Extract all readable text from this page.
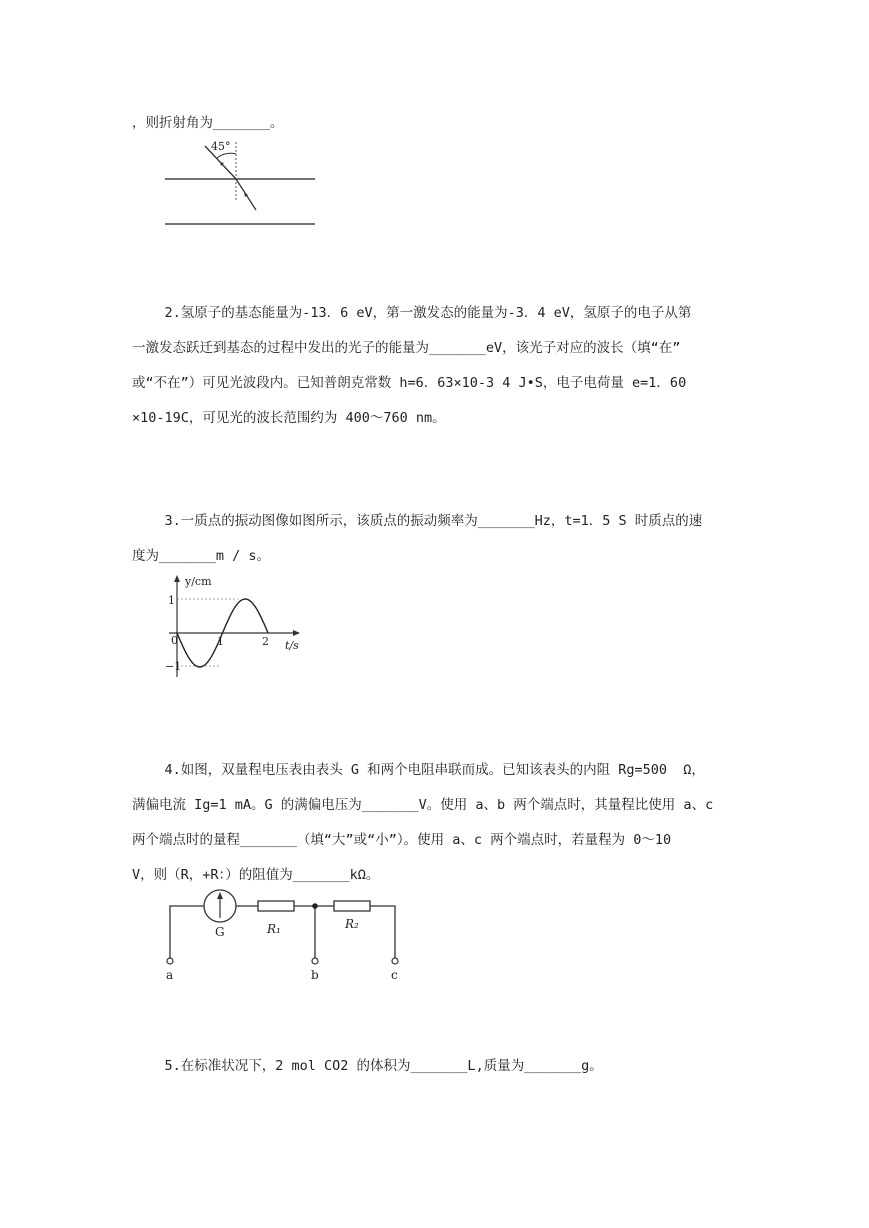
，则折射角为_______。
45°
2.氢原子的基态能量为-13．6 eV，第一激发态的能量为-3．4 eV，氢原子的电子从第
一激发态跃迁到基态的过程中发出的光子的能量为_______eV，该光子对应的波长（填“在”
或“不在”）可见光波段内。已知普朗克常数 h=6．63×10-3 4 J•S，电子电荷量 e=1．60
×10-19C，可见光的波长范围约为 400～760 nm。
3.一质点的振动图像如图所示，该质点的振动频率为_______Hz，t=1．5 S 时质点的速
度为_______m / s。
y/cm
1
−1
0	1	2 t/s
4.如图，双量程电压表由表头 G 和两个电阻串联而成。已知该表头的内阻 Rg=500  Ω，
满偏电流 Ig=1 mA。G 的满偏电压为_______V。使用 a、b 两个端点时，其量程比使用 a、c
两个端点时的量程_______（填“大”或“小”）。使用 a、c 两个端点时，若量程为 0～10
V，则（R，+R：）的阻值为_______kΩ。
G	R₁	R₂
a	b	c
5.在标准状况下，2 mol CO2 的体积为_______L,质量为_______g。
